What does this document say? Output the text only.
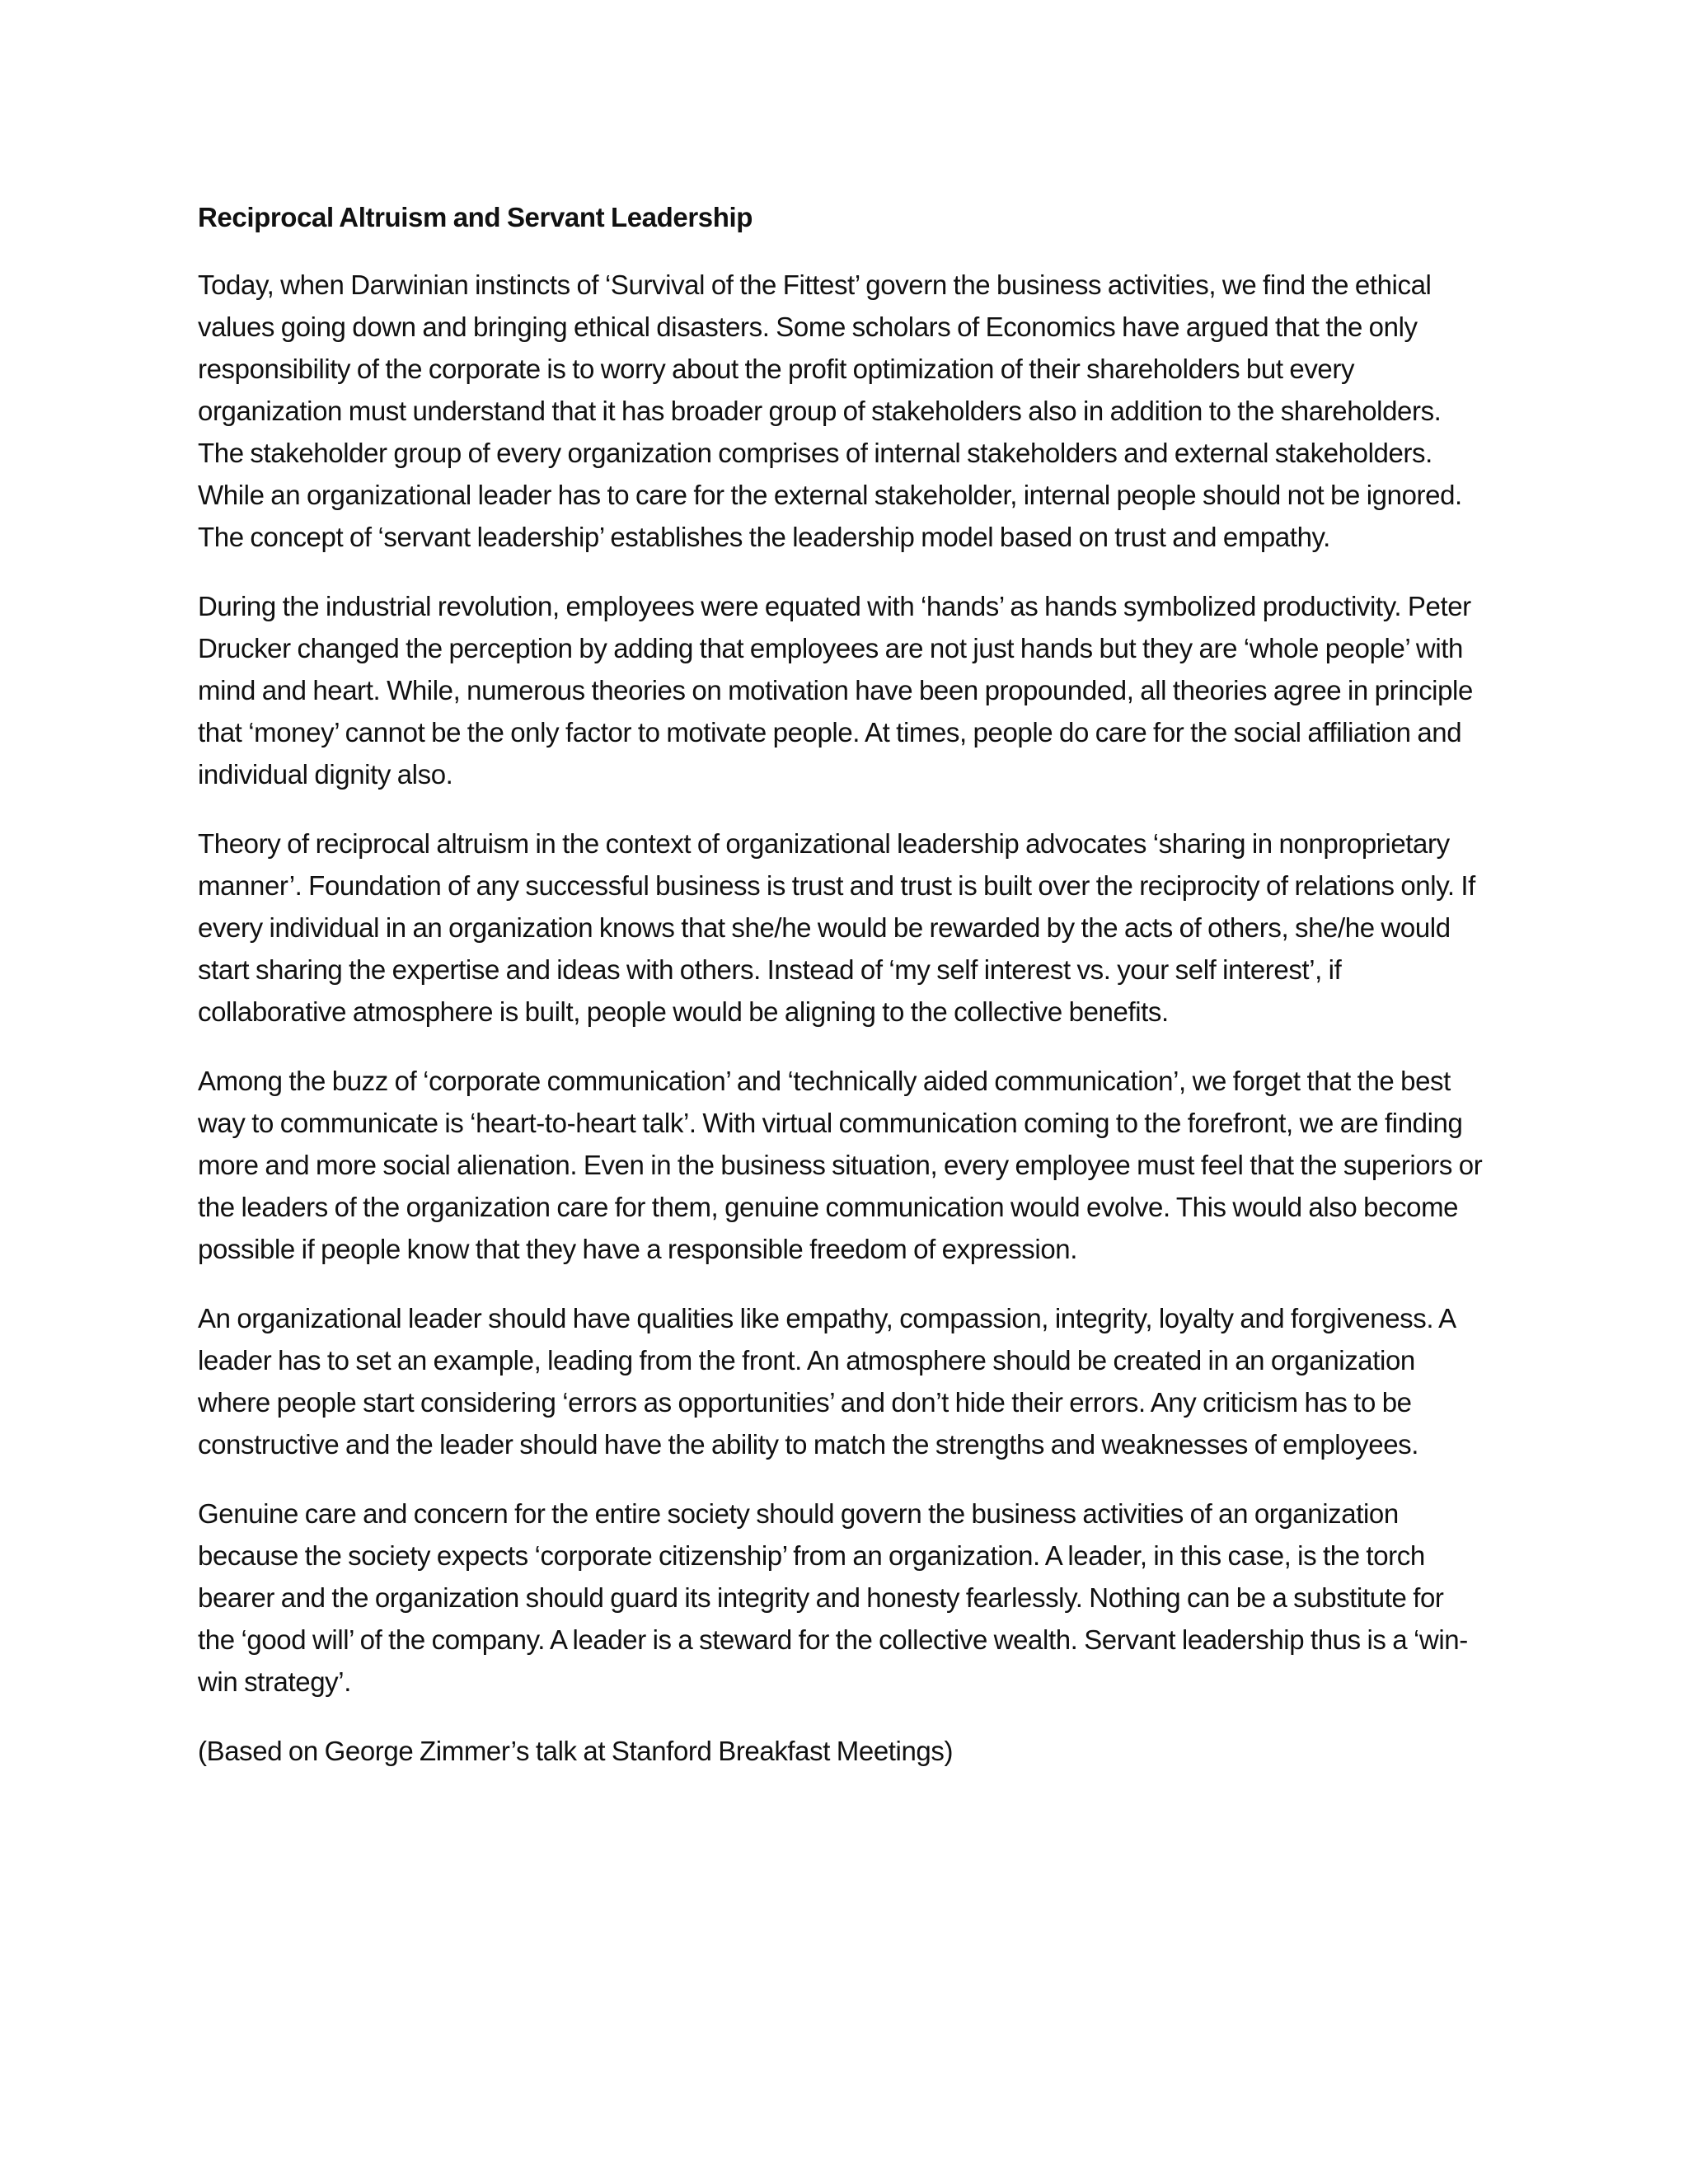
Reciprocal Altruism and Servant Leadership

Today, when Darwinian instincts of ‘Survival of the Fittest’ govern the business activities, we find the ethical values going down and bringing ethical disasters. Some scholars of Economics have argued that the only responsibility of the corporate is to worry about the profit optimization of their shareholders but every organization must understand that it has broader group of stakeholders also in addition to the shareholders. The stakeholder group of every organization comprises of internal stakeholders and external stakeholders. While an organizational leader has to care for the external stakeholder, internal people should not be ignored. The concept of ‘servant leadership’ establishes the leadership model based on trust and empathy.

During the industrial revolution, employees were equated with ‘hands’ as hands symbolized productivity. Peter Drucker changed the perception by adding that employees are not just hands but they are ‘whole people’ with mind and heart. While, numerous theories on motivation have been propounded, all theories agree in principle that ‘money’ cannot be the only factor to motivate people. At times, people do care for the social affiliation and individual dignity also.

Theory of reciprocal altruism in the context of organizational leadership advocates ‘sharing in nonproprietary manner’. Foundation of any successful business is trust and trust is built over the reciprocity of relations only. If every individual in an organization knows that she/he would be rewarded by the acts of others, she/he would start sharing the expertise and ideas with others. Instead of ‘my self interest vs. your self interest’, if collaborative atmosphere is built, people would be aligning to the collective benefits.

Among the buzz of ‘corporate communication’ and ‘technically aided communication’, we forget that the best way to communicate is ‘heart-to-heart talk’. With virtual communication coming to the forefront, we are finding more and more social alienation. Even in the business situation, every employee must feel that the superiors or the leaders of the organization care for them, genuine communication would evolve. This would also become possible if people know that they have a responsible freedom of expression.

An organizational leader should have qualities like empathy, compassion, integrity, loyalty and forgiveness. A leader has to set an example, leading from the front. An atmosphere should be created in an organization where people start considering ‘errors as opportunities’ and don’t hide their errors. Any criticism has to be constructive and the leader should have the ability to match the strengths and weaknesses of employees.

Genuine care and concern for the entire society should govern the business activities of an organization because the society expects ‘corporate citizenship’ from an organization. A leader, in this case, is the torch bearer and the organization should guard its integrity and honesty fearlessly. Nothing can be a substitute for the ‘good will’ of the company. A leader is a steward for the collective wealth. Servant leadership thus is a ‘win-win strategy’.

(Based on George Zimmer’s talk at Stanford Breakfast Meetings)
